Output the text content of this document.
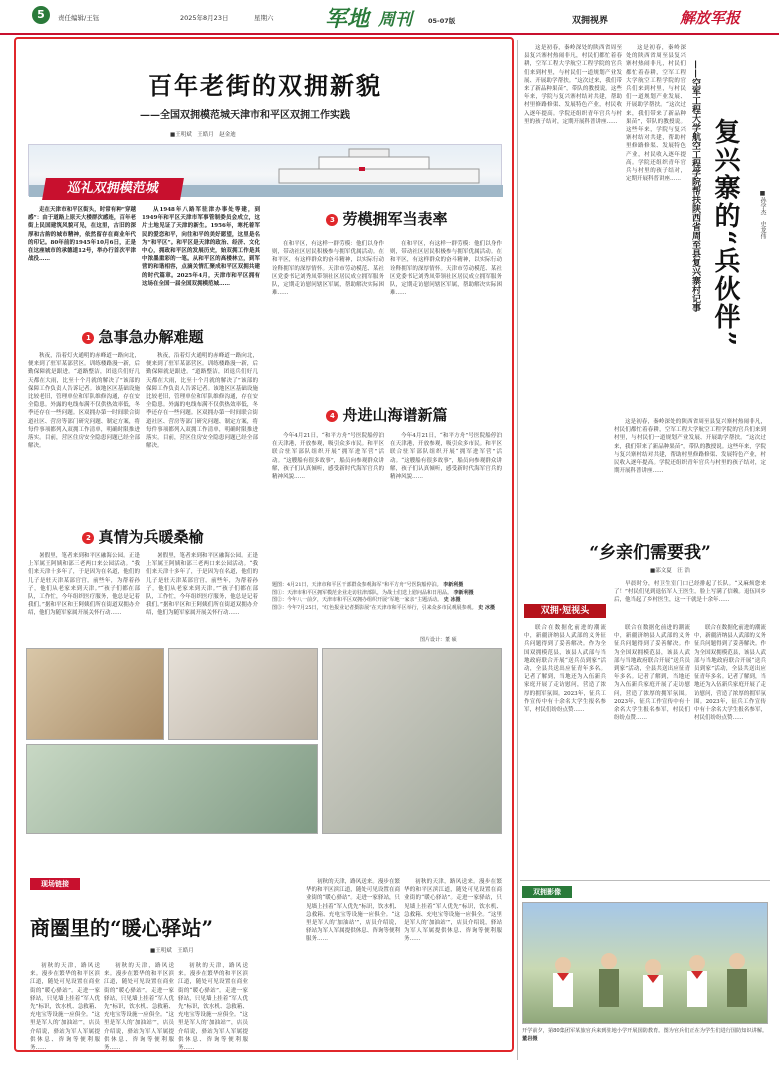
5	责任编辑/王钰	2025年8月23日	星期六 军地 周刊 05-07版	双拥视界	解放军报
百年老街的双拥新貌
——全国双拥模范城天津市和平区双拥工作实践
■王明斌　王皓月　赵金迪
巡礼双拥模范城

走在天津市和平区街头，时常有种“穿越感”：由于道路上原天大楼群次感连，百年老街上民国建筑风貌可见，在这里，古旧的深厚和古韵的城市精神，依然留存在商业年代的印记。80年前的1945年10月6日，正是在这座城市的承德道12号，举办行首次平津战役……

从1948年八路军驻津办事处等建，到1949年和平区天津市军事管制委员会成立，这片土地见证了天津的新生。1956年，寒托着军民的爱恋和平，向往和平的美好愿望，这里是名为“和平区”。和平区是天津的政治、经济、文化中心，拥政和平区的发展历史，始双拥工作是其中浓墨重彩的一笔。从和平区的高楼林立，到军营的和谐相容，点滴关情汇聚成和平区双拥共建的时代篇章。2025年4月，天津市和平区拥有这场在全国一届全国双拥模范城……

1 急事急办解难题

秋夜，沿着灯火通明的赤峰道一路向北，便来到了驻军某部营区。训练楼路漫一新，后勤保障就是跟进。“道路整洁，团退兵们好几天都在大雨，比至十个月就的解决了”该部的保障工作负责人告诉记者。该地区区基础设施比较老旧，管理单位和军队维修沟通，存在安全隐患。外露的电线布满不仅供热效率低，冬季还存在一些问题。区双拥办第一时间联合街道社区、营房等部门研究问题、制定方案，将每件事项都列入双拥工作清单，明确时限推进落实。目前，营区住房安全隐患问题已经全部解决。

秋夜，沿着灯火通明的赤峰道一路向北，便来到了驻军某部营区。训练楼路漫一新，后勤保障就是跟进。“道路整洁，团退兵们好几天都在大雨，比至十个月就的解决了”该部的保障工作负责人告诉记者。该地区区基础设施比较老旧，管理单位和军队维修沟通，存在安全隐患。外露的电线布满不仅供热效率低，冬季还存在一些问题。区双拥办第一时间联合街道社区、营房等部门研究问题、制定方案，将每件事项都列入双拥工作清单，明确时限推进落实。目前，营区住房安全隐患问题已经全部解决。

2 真情为兵暖桑榆

暑假里，笔者来到和平区融海公园。正逢上军属王阿姨和部三老两口来公园活动。“我们来天津十多年了，于是因为在名道，他们的儿子是驻天津某部官宫，前些年，为帮着孙子，他们从老家来到天津。”“孩子们都在部队，工作忙，今年组织医疗服务，他总是记着我们。”据和平区和王阿姨们所在街道双拥办介绍，他们为随军家属开展关怀行动……

暑假里，笔者来到和平区融海公园。正逢上军属王阿姨和部三老两口来公园活动。“我们来天津十多年了，于是因为在名道，他们的儿子是驻天津某部官宫，前些年，为帮着孙子，他们从老家来到天津。”“孩子们都在部队，工作忙，今年组织医疗服务，他总是记着我们。”据和平区和王阿姨们所在街道双拥办介绍，他们为随军家属开展关怀行动……

3 劳模拥军当表率

在和平区，有这样一群劳模：他们以身作则，带动社区居民积极参与拥军优属活动。在和平区，有这样群众的奋斗精神，以实际行动诠释拥军的深厚情怀。天津市劳动模范、某社区党委书记刘秀凤带领社区居民成立拥军服务队，定期走访慰问辖区军属，帮助解决实际困难……

在和平区，有这样一群劳模：他们以身作则，带动社区居民积极参与拥军优属活动。在和平区，有这样群众的奋斗精神，以实际行动诠释拥军的深厚情怀。天津市劳动模范、某社区党委书记刘秀凤带领社区居民成立拥军服务队，定期走访慰问辖区军属，帮助解决实际困难……

4 舟进山海谱新篇

今年4月21日，“和平方舟”号医院船停泊在天津港，开放参观，吸引众多市民。和平区联合驻军部队组织开展“拥军进军营”活动。“这艘船有很多故事”，船员向参观群众讲解，孩子们认真倾听，感受新时代海军官兵的精神风貌……

今年4月21日，“和平方舟”号医院船停泊在天津港，开放参观，吸引众多市民。和平区联合驻军部队组织开展“拥军进军营”活动。“这艘船有很多故事”，船员向参观群众讲解，孩子们认真倾听，感受新时代海军官兵的精神风貌……

题图：4月21日，天津市和平区干部群众参观海军“和平方舟”号医院船停泊。 李新利摄
图①：天津市和平区拥军模范企业走访驻津部队，为战士们送上慰问品和日用品。 李新利摄
图②：今年八一前夕，天津市和平区双拥办组织开展“军地一家亲”主题活动。 史 冰摄
图③：今年7月25日，“红色报业记者摄影展”在天津市和平区举行，引来众多市民观展参观。 史 冰摄
图片设计：董 硕
现场链接
商圈里的“暖心驿站”
■王明斌　王皓月

初秋的天津，路风送来。漫步在繁华的和平区滨江道，随处可见设置在商业街的“暖心驿站”。走进一家驿站，只见墙上挂着“军人优先”标识，饮水机、急救箱、充电宝等设施一应俱全。“这里是军人的‘加油站’”，店员介绍说，驿站为军人军属提供休息、咨询等便利服务……

初秋的天津，路风送来。漫步在繁华的和平区滨江道，随处可见设置在商业街的“暖心驿站”。走进一家驿站，只见墙上挂着“军人优先”标识，饮水机、急救箱、充电宝等设施一应俱全。“这里是军人的‘加油站’”，店员介绍说，驿站为军人军属提供休息、咨询等便利服务……

初秋的天津，路风送来。漫步在繁华的和平区滨江道，随处可见设置在商业街的“暖心驿站”。走进一家驿站，只见墙上挂着“军人优先”标识，饮水机、急救箱、充电宝等设施一应俱全。“这里是军人的‘加油站’”，店员介绍说，驿站为军人军属提供休息、咨询等便利服务……

初秋的天津，路风送来。漫步在繁华的和平区滨江道，随处可见设置在商业街的“暖心驿站”。走进一家驿站，只见墙上挂着“军人优先”标识，饮水机、急救箱、充电宝等设施一应俱全。“这里是军人的‘加油站’”，店员介绍说，驿站为军人军属提供休息、咨询等便利服务……

初秋的天津，路风送来。漫步在繁华的和平区滨江道，随处可见设置在商业街的“暖心驿站”。走进一家驿站，只见墙上挂着“军人优先”标识，饮水机、急救箱、充电宝等设施一应俱全。“这里是军人的‘加油站’”，店员介绍说，驿站为军人军属提供休息、咨询等便利服务……

这是初春，秦岭深处的陕西省周至县复兴寨村热闹非凡，村民们都忙着春耕，空军工程大学航空工程学院的官兵们来到村里，与村民们一道规划产业发展、开展助学帮扶。“这次过来，我们带来了新品种果苗”，带队的教授说。这些年来，学院与复兴寨村结对共建，帮助村里修路修渠、发展特色产业，村民收入逐年提高。学院还组织青年官兵与村里的孩子结对，定期开展科普讲座……

这是初春，秦岭深处的陕西省周至县复兴寨村热闹非凡，村民们都忙着春耕，空军工程大学航空工程学院的官兵们来到村里，与村民们一道规划产业发展、开展助学帮扶。“这次过来，我们带来了新品种果苗”，带队的教授说。这些年来，学院与复兴寨村结对共建，帮助村里修路修渠、发展特色产业，村民收入逐年提高。学院还组织青年官兵与村里的孩子结对，定期开展科普讲座…… ——空军工程大学航空工程学院帮扶陕西省周至县复兴寨村记事 复兴寨的“兵伙伴”	■孙学杰　史龙伟

这是初春，秦岭深处的陕西省周至县复兴寨村热闹非凡，村民们都忙着春耕，空军工程大学航空工程学院的官兵们来到村里，与村民们一道规划产业发展、开展助学帮扶。“这次过来，我们带来了新品种果苗”，带队的教授说。这些年来，学院与复兴寨村结对共建，帮助村里修路修渠、发展特色产业，村民收入逐年提高。学院还组织青年官兵与村里的孩子结对，定期开展科普讲座……

“乡亲们需要我”
■邵文夏　汪 浩

早晨时分，村卫生室门口已经排起了长队。“又麻烦您来了！”村民们见到退伍军人王医生，脸上写满了信赖。退伍回乡后，他当起了乡村医生，这一干就是十余年……

双拥·短视头

联合在数据化前进的潮流中，新疆济纳县人武部的义务征兵问题得到了妥善解决。作为全国双拥模范县，该县人武部与当地政府联合开展“送兵员到家”活动，全县共送出应征青年多名。记者了解到，当地还为入伍新兵家庭开展了走访慰问，营造了浓厚的拥军氛围。2023年，征兵工作宣传中有十余名大学生报名参军，村民们纷纷点赞……

联合在数据化前进的潮流中，新疆济纳县人武部的义务征兵问题得到了妥善解决。作为全国双拥模范县，该县人武部与当地政府联合开展“送兵员到家”活动，全县共送出应征青年多名。记者了解到，当地还为入伍新兵家庭开展了走访慰问，营造了浓厚的拥军氛围。2023年，征兵工作宣传中有十余名大学生报名参军，村民们纷纷点赞……

联合在数据化前进的潮流中，新疆济纳县人武部的义务征兵问题得到了妥善解决。作为全国双拥模范县，该县人武部与当地政府联合开展“送兵员到家”活动，全县共送出应征青年多名。记者了解到，当地还为入伍新兵家庭开展了走访慰问，营造了浓厚的拥军氛围。2023年，征兵工作宣传中有十余名大学生报名参军，村民们纷纷点赞……

双拥影像
开学前夕，第80集团军某旅官兵来到驻地小学开展国防教育。图为官兵们正在为学生们进行国防知识讲解。 董岩摄
